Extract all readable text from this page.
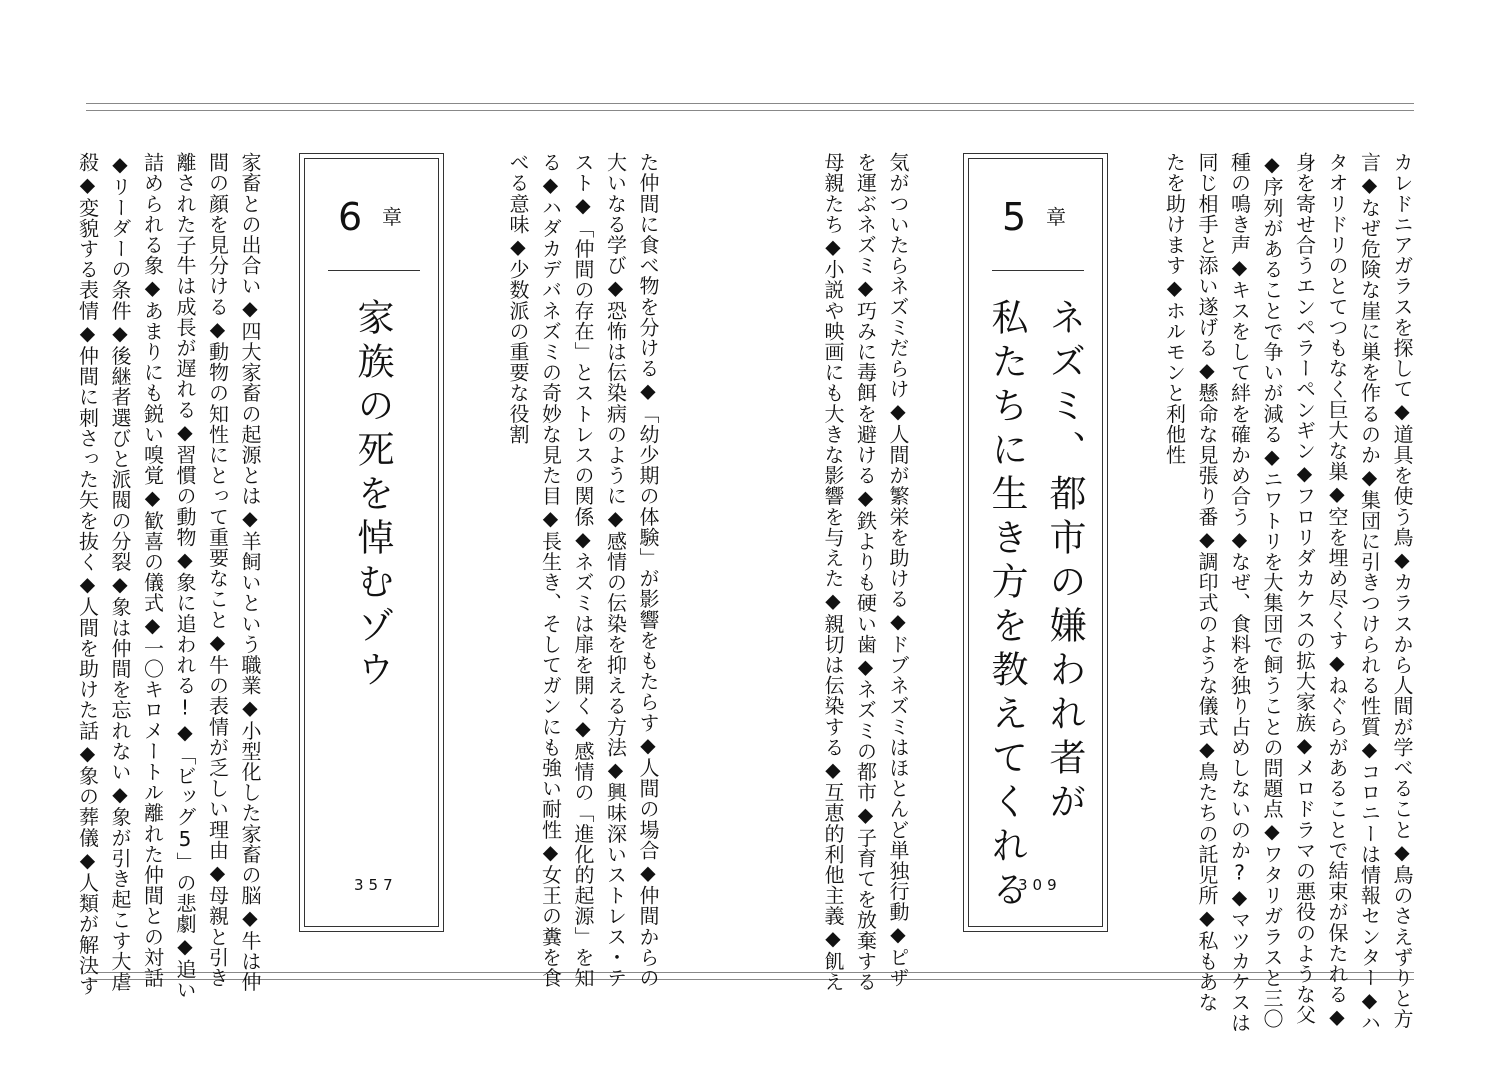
カレドニアガラスを探して◆道具を使う鳥◆カラスから人間が学べること◆鳥のさえずりと方
言◆なぜ危険な崖に巣を作るのか◆集団に引きつけられる性質◆コロニーは情報センター◆ハ
タオリドリのとてつもなく巨大な巣◆空を埋め尽くす◆ねぐらがあることで結束が保たれる◆
身を寄せ合うエンペラーペンギン◆フロリダカケスの拡大家族◆メロドラマの悪役のような父
◆序列があることで争いが減る◆ニワトリを大集団で飼うことの問題点◆ワタリガラスと三〇
種の鳴き声◆キスをして絆を確かめ合う◆なぜ、食料を独り占めしないのか?◆マツカケスは
同じ相手と添い遂げる◆懸命な見張り番◆調印式のような儀式◆鳥たちの託児所◆私もあな
たを助けます◆ホルモンと利他性
5 章
ネズミ、都市の嫌われ者が
私たちに生き方を教えてくれる
309
気がついたらネズミだらけ◆人間が繁栄を助ける◆ドブネズミはほとんど単独行動◆ピザ
を運ぶネズミ◆巧みに毒餌を避ける◆鉄よりも硬い歯◆ネズミの都市◆子育てを放棄する
母親たち◆小説や映画にも大きな影響を与えた◆親切は伝染する◆互恵的利他主義◆飢え
た仲間に食べ物を分ける◆「幼少期の体験」が影響をもたらす◆人間の場合◆仲間からの
大いなる学び◆恐怖は伝染病のように◆感情の伝染を抑える方法◆興味深いストレス・テ
スト◆「仲間の存在」とストレスの関係◆ネズミは扉を開く◆感情の「進化的起源」を知
る◆ハダカデバネズミの奇妙な見た目◆長生き、そしてガンにも強い耐性◆女王の糞を食
べる意味◆少数派の重要な役割
6 章
家族の死を悼むゾウ
357
家畜との出合い◆四大家畜の起源とは◆羊飼いという職業◆小型化した家畜の脳◆牛は仲
間の顔を見分ける◆動物の知性にとって重要なこと◆牛の表情が乏しい理由◆母親と引き
離された子牛は成長が遅れる◆習慣の動物◆象に追われる!◆「ビッグ5」の悲劇◆追い
詰められる象◆あまりにも鋭い嗅覚◆歓喜の儀式◆一〇キロメートル離れた仲間との対話
◆リーダーの条件◆後継者選びと派閥の分裂◆象は仲間を忘れない◆象が引き起こす大虐
殺◆変貌する表情◆仲間に刺さった矢を抜く◆人間を助けた話◆象の葬儀◆人類が解決す
